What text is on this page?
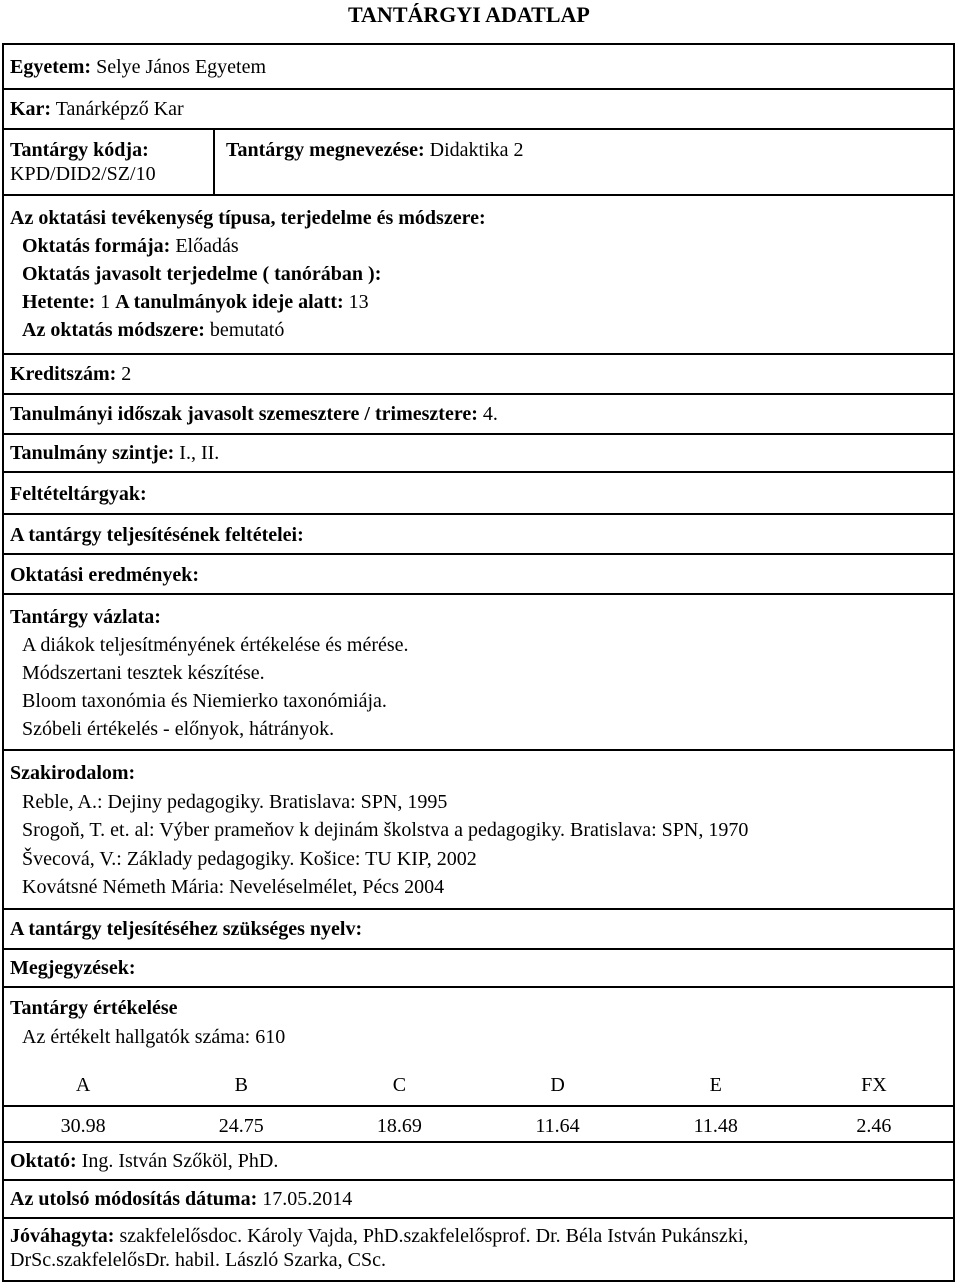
TANTÁRGYI ADATLAP
Egyetem: Selye János Egyetem
Kar: Tanárképző Kar
Tantárgy kódja:
KPD/DID2/SZ/10
Tantárgy megnevezése: Didaktika 2
Az oktatási tevékenység típusa, terjedelme és módszere:
Oktatás formája: Előadás
Oktatás javasolt terjedelme ( tanórában ):
Hetente: 1 A tanulmányok ideje alatt: 13
Az oktatás módszere: bemutató
Kreditszám: 2
Tanulmányi időszak javasolt szemesztere / trimesztere: 4.
Tanulmány szintje: I., II.
Feltételtárgyak:
A tantárgy teljesítésének feltételei:
Oktatási eredmények:
Tantárgy vázlata:
A diákok teljesítményének értékelése és mérése.
Módszertani tesztek készítése.
Bloom taxonómia és Niemierko taxonómiája.
Szóbeli értékelés - előnyok, hátrányok.
Szakirodalom:
Reble, A.: Dejiny pedagogiky. Bratislava: SPN, 1995
Srogoň, T. et. al: Výber prameňov k dejinám školstva a pedagogiky. Bratislava: SPN, 1970
Švecová, V.: Základy pedagogiky. Košice: TU KIP, 2002
Kovátsné Németh Mária: Neveléselmélet, Pécs 2004
A tantárgy teljesítéséhez szükséges nyelv:
Megjegyzések:
Tantárgy értékelése
Az értékelt hallgatók száma: 610
A	B	C	D	E	FX
30.98	24.75	18.69	11.64	11.48	2.46
Oktató: Ing. István Szőköl, PhD.
Az utolsó módosítás dátuma: 17.05.2014
Jóváhagyta: szakfelelősdoc. Károly Vajda, PhD.szakfelelősprof. Dr. Béla István Pukánszki,
DrSc.szakfelelősDr. habil. László Szarka, CSc.
